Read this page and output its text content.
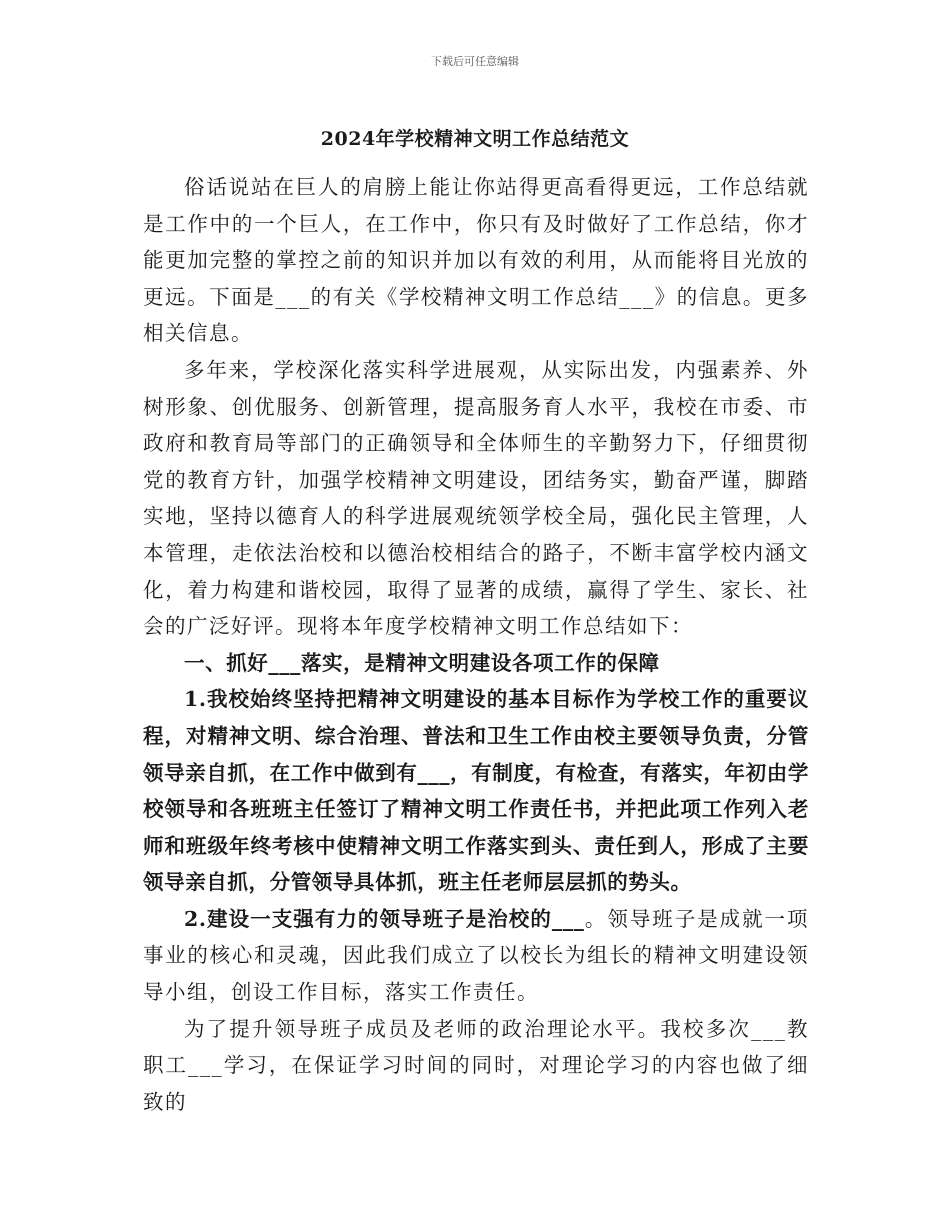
下载后可任意编辑
2024年学校精神文明工作总结范文

俗话说站在巨人的肩膀上能让你站得更高看得更远，工作总结就是工作中的一个巨人，在工作中，你只有及时做好了工作总结，你才能更加完整的掌控之前的知识并加以有效的利用，从而能将目光放的更远。下面是___的有关《学校精神文明工作总结___》的信息。更多相关信息。

多年来，学校深化落实科学进展观，从实际出发，内强素养、外树形象、创优服务、创新管理，提高服务育人水平，我校在市委、市政府和教育局等部门的正确领导和全体师生的辛勤努力下，仔细贯彻党的教育方针，加强学校精神文明建设，团结务实，勤奋严谨，脚踏实地，坚持以德育人的科学进展观统领学校全局，强化民主管理，人本管理，走依法治校和以德治校相结合的路子，不断丰富学校内涵文化，着力构建和谐校园，取得了显著的成绩，赢得了学生、家长、社会的广泛好评。现将本年度学校精神文明工作总结如下：

一、抓好___落实，是精神文明建设各项工作的保障

1.我校始终坚持把精神文明建设的基本目标作为学校工作的重要议程，对精神文明、综合治理、普法和卫生工作由校主要领导负责，分管领导亲自抓，在工作中做到有___，有制度，有检查，有落实，年初由学校领导和各班班主任签订了精神文明工作责任书，并把此项工作列入老师和班级年终考核中使精神文明工作落实到头、责任到人，形成了主要领导亲自抓，分管领导具体抓，班主任老师层层抓的势头。

2.建设一支强有力的领导班子是治校的___。领导班子是成就一项事业的核心和灵魂，因此我们成立了以校长为组长的精神文明建设领导小组，创设工作目标，落实工作责任。

为了提升领导班子成员及老师的政治理论水平。我校多次___教职工___学习，在保证学习时间的同时，对理论学习的内容也做了细致的
